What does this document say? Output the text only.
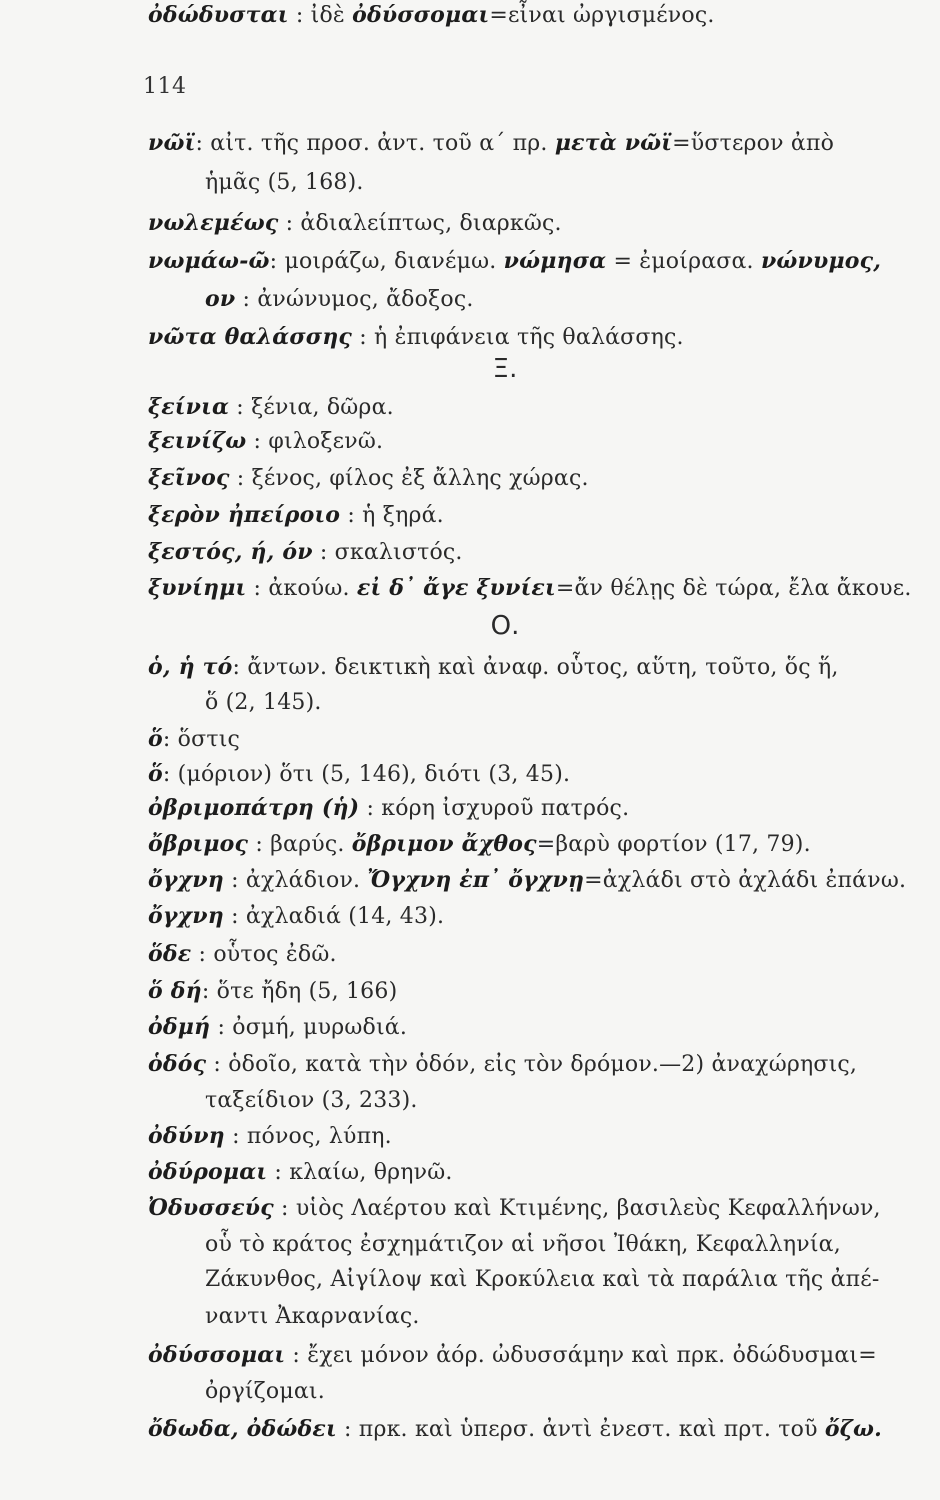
114
νῶϊ: αἰτ. τῆς προσ. ἀντ. τοῦ α΄ πρ. μετὰ νῶϊ=ὕστερον ἀπὸ
ἡμᾶς (5, 168).
νωλεμέως : ἀδιαλείπτως, διαρκῶς.
νωμάω-ῶ: μοιράζω, διανέμω. νώμησα = ἐμοίρασα. νώνυμος,
ον : ἀνώνυμος, ἄδοξος.
νῶτα θαλάσσης : ἡ ἐπιφάνεια τῆς θαλάσσης.
Ξ.
ξείνια : ξένια, δῶρα.
ξεινίζω : φιλοξενῶ.
ξεῖνος : ξένος, φίλος ἐξ ἄλλης χώρας.
ξερὸν ἠπείροιο : ἡ ξηρά.
ξεστός, ή, όν : σκαλιστός.
ξυνίημι : ἀκούω. εἰ δ᾽ ἄγε ξυνίει=ἄν θέλῃς δὲ τώρα, ἔλα ἄκουε.
Ο.
ὁ, ἡ τό: ἄντων. δεικτικὴ καὶ ἀναφ. οὗτος, αὕτη, τοῦτο, ὅς ἥ,
ὅ (2, 145).
ὅ: ὅστις
ὅ: (μόριον) ὅτι (5, 146), διότι (3, 45).
ὀβριμοπάτρη (ἡ) : κόρη ἰσχυροῦ πατρός.
ὄβριμος : βαρύς. ὄβριμον ἄχθος=βαρὺ φορτίον (17, 79).
ὄγχνη : ἀχλάδιον. Ὄγχνη ἐπ᾽ ὄγχνῃ=ἀχλάδι στὸ ἀχλάδι ἐπάνω.
ὄγχνη : ἀχλαδιά (14, 43).
ὅδε : οὗτος ἐδῶ.
ὅ δή: ὅτε ἤδη (5, 166)
ὀδμή : ὀσμή, μυρωδιά.
ὁδός : ὁδοῖο, κατὰ τὴν ὁδόν, εἰς τὸν δρόμον.—2) ἀναχώρησις,
ταξείδιον (3, 233).
ὀδύνη : πόνος, λύπη.
ὀδύρομαι : κλαίω, θρηνῶ.
Ὀδυσσεύς : υἱὸς Λαέρτου καὶ Κτιμένης, βασιλεὺς Κεφαλλήνων,
οὗ τὸ κράτος ἐσχημάτιζον αἱ νῆσοι Ἰθάκη, Κεφαλληνία,
Ζάκυνθος, Αἰγίλοψ καὶ Κροκύλεια καὶ τὰ παράλια τῆς ἀπέ-
ναντι Ἀκαρνανίας.
ὀδύσσομαι : ἔχει μόνον ἀόρ. ὠδυσσάμην καὶ πρκ. ὀδώδυσμαι=
ὀργίζομαι.
ὄδωδα, ὀδώδει : πρκ. καὶ ὑπερσ. ἀντὶ ἐνεστ. καὶ πρτ. τοῦ ὄζω.
ὀδώδυσται : ἰδὲ ὀδύσσομαι=εἶναι ὠργισμένος.
